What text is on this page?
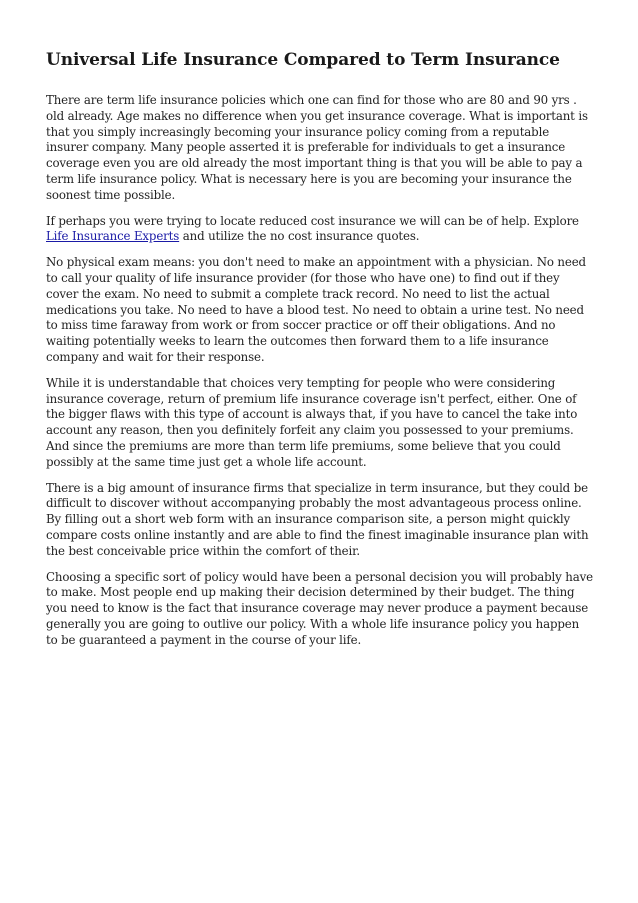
Universal Life Insurance Compared to Term Insurance

There are term life insurance policies which one can find for those who are 80 and 90 yrs . old already. Age makes no difference when you get insurance coverage. What is important is that you simply increasingly becoming your insurance policy coming from a reputable insurer company. Many people asserted it is preferable for individuals to get a insurance coverage even you are old already the most important thing is that you will be able to pay a term life insurance policy. What is necessary here is you are becoming your insurance the soonest time possible.

If perhaps you were trying to locate reduced cost insurance we will can be of help. Explore Life Insurance Experts and utilize the no cost insurance quotes.

No physical exam means: you don't need to make an appointment with a physician. No need to call your quality of life insurance provider (for those who have one) to find out if they cover the exam. No need to submit a complete track record. No need to list the actual medications you take. No need to have a blood test. No need to obtain a urine test. No need to miss time faraway from work or from soccer practice or off their obligations. And no waiting potentially weeks to learn the outcomes then forward them to a life insurance company and wait for their response.

While it is understandable that choices very tempting for people who were considering insurance coverage, return of premium life insurance coverage isn't perfect, either. One of the bigger flaws with this type of account is always that, if you have to cancel the take into account any reason, then you definitely forfeit any claim you possessed to your premiums. And since the premiums are more than term life premiums, some believe that you could possibly at the same time just get a whole life account.

There is a big amount of insurance firms that specialize in term insurance, but they could be difficult to discover without accompanying probably the most advantageous process online. By filling out a short web form with an insurance comparison site, a person might quickly compare costs online instantly and are able to find the finest imaginable insurance plan with the best conceivable price within the comfort of their.

Choosing a specific sort of policy would have been a personal decision you will probably have to make. Most people end up making their decision determined by their budget. The thing you need to know is the fact that insurance coverage may never produce a payment because generally you are going to outlive our policy. With a whole life insurance policy you happen to be guaranteed a payment in the course of your life.
